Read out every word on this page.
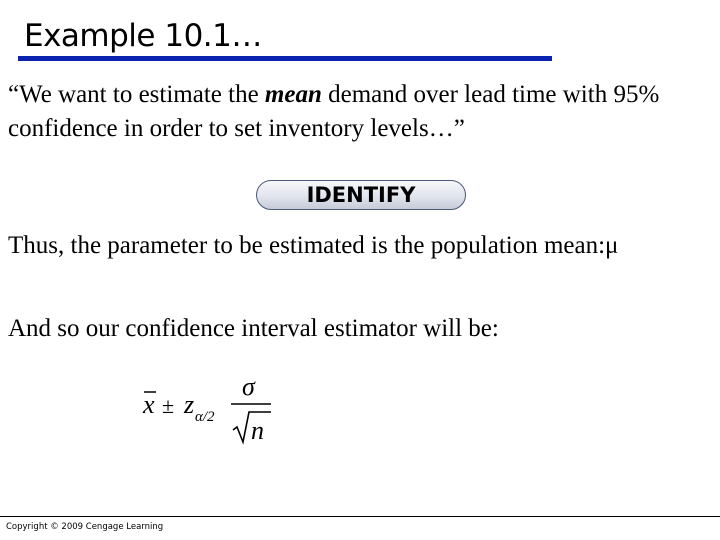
Example 10.1…
“We want to estimate the mean demand over lead time with 95% confidence in order to set inventory levels…”
IDENTIFY
Thus, the parameter to be estimated is the population mean:μ
And so our confidence interval estimator will be:
x ± z α/2
σ
n
Copyright © 2009 Cengage Learning
